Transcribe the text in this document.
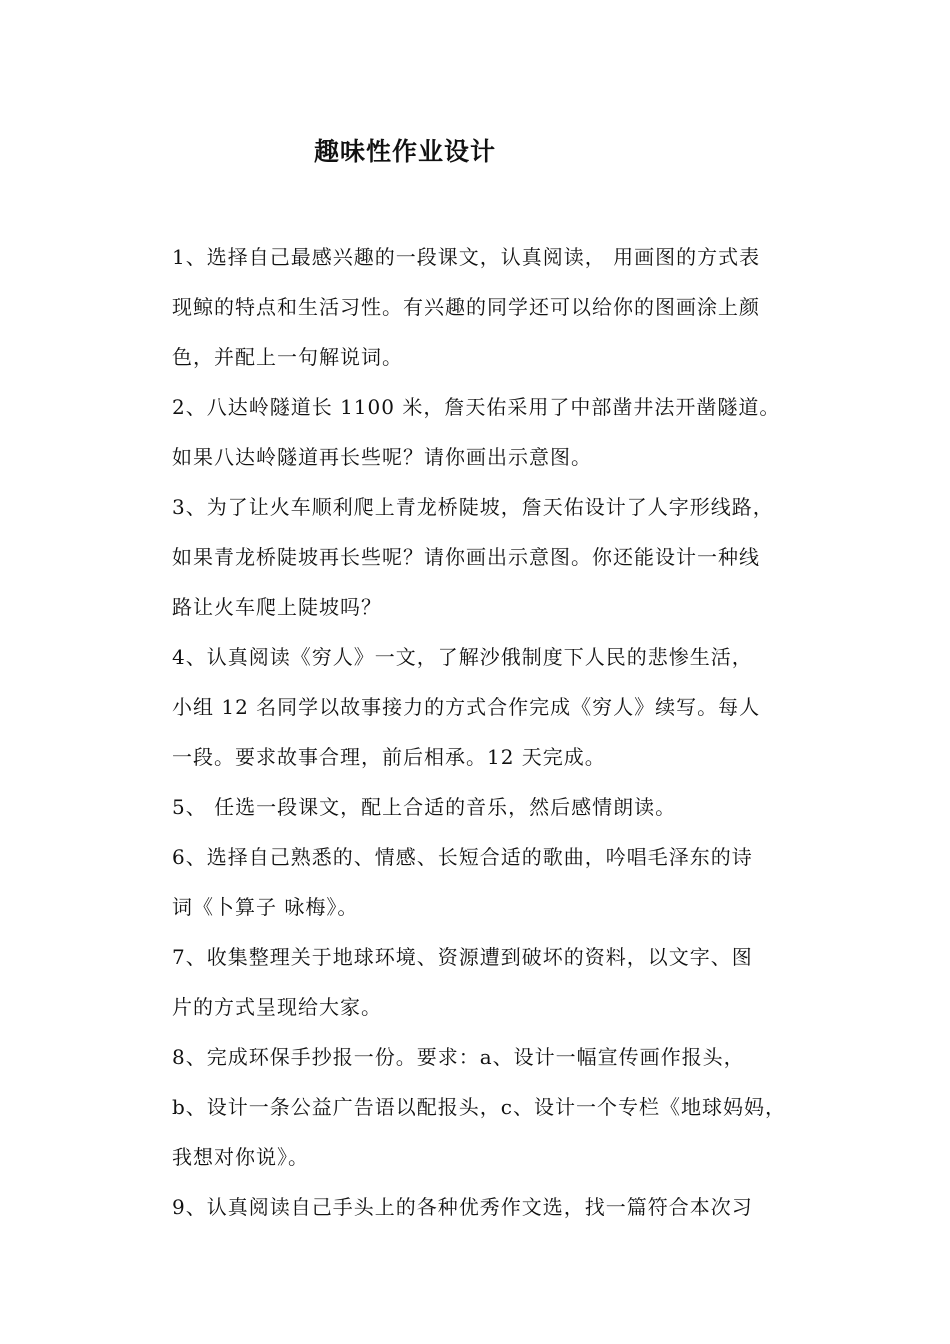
趣味性作业设计
1、选择自己最感兴趣的一段课文，认真阅读， 用画图的方式表
现鲸的特点和生活习性。有兴趣的同学还可以给你的图画涂上颜
色，并配上一句解说词。
2、八达岭隧道长 1100 米，詹天佑采用了中部凿井法开凿隧道。
如果八达岭隧道再长些呢？请你画出示意图。
3、为了让火车顺利爬上青龙桥陡坡，詹天佑设计了人字形线路，
如果青龙桥陡坡再长些呢？请你画出示意图。你还能设计一种线
路让火车爬上陡坡吗？
4、认真阅读《穷人》一文，了解沙俄制度下人民的悲惨生活，
小组 12 名同学以故事接力的方式合作完成《穷人》续写。每人
一段。要求故事合理，前后相承。12 天完成。
5、 任选一段课文，配上合适的音乐，然后感情朗读。
6、选择自己熟悉的、情感、长短合适的歌曲，吟唱毛泽东的诗
词《卜算子 咏梅》。
7、收集整理关于地球环境、资源遭到破坏的资料，以文字、图
片的方式呈现给大家。
8、完成环保手抄报一份。要求：a、设计一幅宣传画作报头，
b、设计一条公益广告语以配报头，c、设计一个专栏《地球妈妈，
我想对你说》。
9、认真阅读自己手头上的各种优秀作文选，找一篇符合本次习
